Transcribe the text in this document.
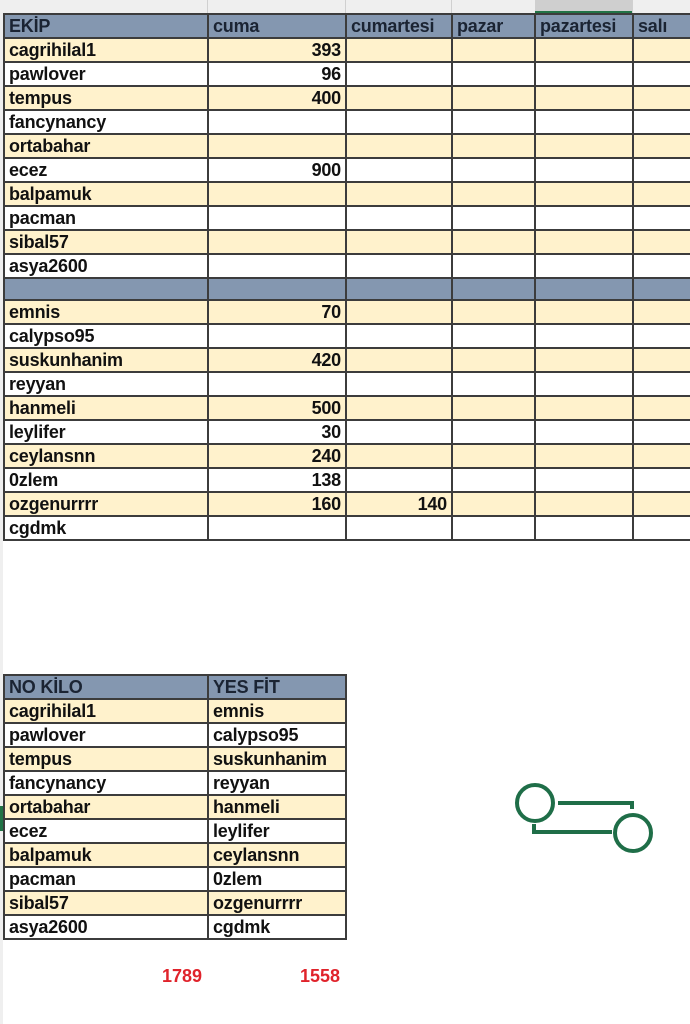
EKİP	cuma	cumartesi	pazar	pazartesi	salı
cagrihilal1	393				
pawlover	96				
tempus	400				
fancynancy					
ortabahar					
ecez	900				
balpamuk					
pacman					
sibal57					
asya2600					

emnis	70				
calypso95					
suskunhanim	420				
reyyan					
hanmeli	500				
leylifer	30				
ceylansnn	240				
0zlem	138				
ozgenurrrr	160	140			
cgdmk					
NO KİLO	YES FİT
cagrihilal1	emnis
pawlover	calypso95
tempus	suskunhanim
fancynancy	reyyan
ortabahar	hanmeli
ecez	leylifer
balpamuk	ceylansnn
pacman	0zlem
sibal57	ozgenurrrr
asya2600	cgdmk
1789	1558
